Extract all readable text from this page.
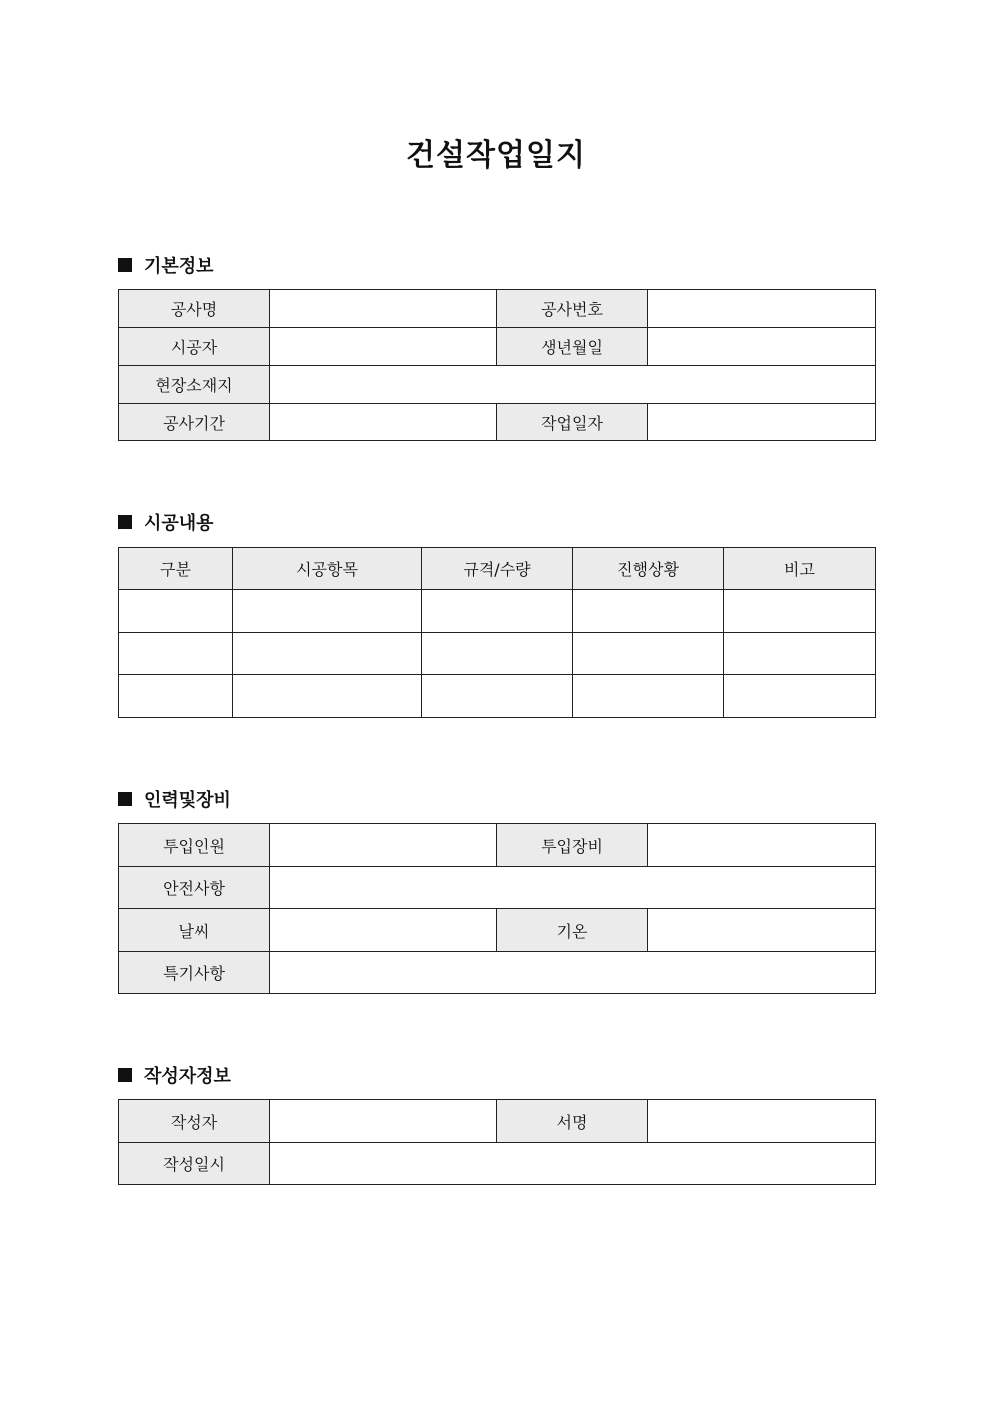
건설작업일지
기본정보
공사명		공사번호	
시공자		생년월일	
현장소재지			
공사기간		작업일자	
시공내용
구분	시공항목	규격/수량	진행상황	비고

인력및장비
투입인원		투입장비	
안전사항			
날씨		기온	
특기사항			
작성자정보
작성자		서명	
작성일시			
